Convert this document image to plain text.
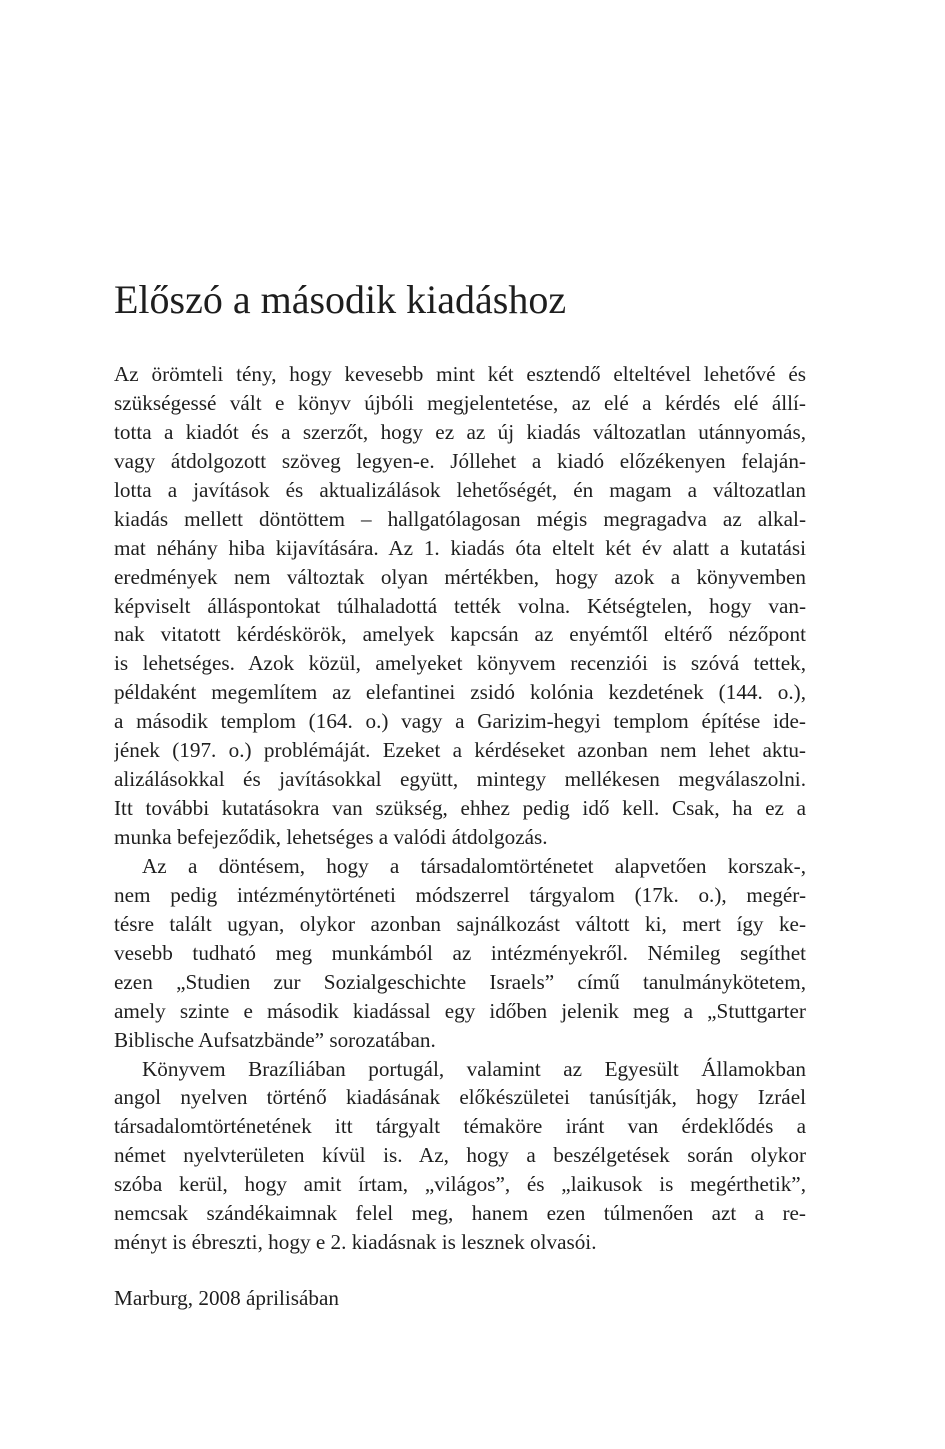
Előszó a második kiadáshoz
Az örömteli tény, hogy kevesebb mint két esztendő elteltével lehetővé és
szükségessé vált e könyv újbóli megjelentetése, az elé a kérdés elé állí-
totta a kiadót és a szerzőt, hogy ez az új kiadás változatlan utánnyomás,
vagy átdolgozott szöveg legyen-e. Jóllehet a kiadó előzékenyen felaján-
lotta a javítások és aktualizálások lehetőségét, én magam a változatlan
kiadás mellett döntöttem – hallgatólagosan mégis megragadva az alkal-
mat néhány hiba kijavítására. Az 1. kiadás óta eltelt két év alatt a kutatási
eredmények nem változtak olyan mértékben, hogy azok a könyvemben
képviselt álláspontokat túlhaladottá tették volna. Kétségtelen, hogy van-
nak vitatott kérdéskörök, amelyek kapcsán az enyémtől eltérő nézőpont
is lehetséges. Azok közül, amelyeket könyvem recenziói is szóvá tettek,
példaként megemlítem az elefantinei zsidó kolónia kezdetének (144. o.),
a második templom (164. o.) vagy a Garizim-hegyi templom építése ide-
jének (197. o.) problémáját. Ezeket a kérdéseket azonban nem lehet aktu-
alizálásokkal és javításokkal együtt, mintegy mellékesen megválaszolni.
Itt további kutatásokra van szükség, ehhez pedig idő kell. Csak, ha ez a
munka befejeződik, lehetséges a valódi átdolgozás.
Az a döntésem, hogy a társadalomtörténetet alapvetően korszak-,
nem pedig intézménytörténeti módszerrel tárgyalom (17k. o.), megér-
tésre talált ugyan, olykor azonban sajnálkozást váltott ki, mert így ke-
vesebb tudható meg munkámból az intézményekről. Némileg segíthet
ezen „Studien zur Sozialgeschichte Israels” című tanulmánykötetem,
amely szinte e második kiadással egy időben jelenik meg a „Stuttgarter
Biblische Aufsatzbände” sorozatában.
Könyvem Brazíliában portugál, valamint az Egyesült Államokban
angol nyelven történő kiadásának előkészületei tanúsítják, hogy Izráel
társadalomtörténetének itt tárgyalt témaköre iránt van érdeklődés a
német nyelvterületen kívül is. Az, hogy a beszélgetések során olykor
szóba kerül, hogy amit írtam, „világos”, és „laikusok is megérthetik”,
nemcsak szándékaimnak felel meg, hanem ezen túlmenően azt a re-
ményt is ébreszti, hogy e 2. kiadásnak is lesznek olvasói.

Marburg, 2008 áprilisában
